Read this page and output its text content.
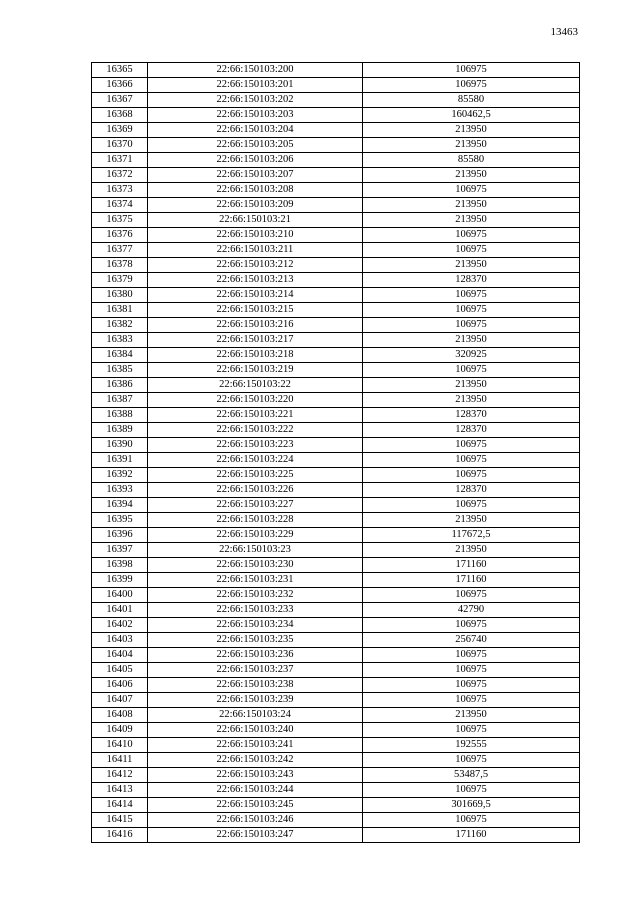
13463
16365	22:66:150103:200	106975
16366	22:66:150103:201	106975
16367	22:66:150103:202	85580
16368	22:66:150103:203	160462,5
16369	22:66:150103:204	213950
16370	22:66:150103:205	213950
16371	22:66:150103:206	85580
16372	22:66:150103:207	213950
16373	22:66:150103:208	106975
16374	22:66:150103:209	213950
16375	22:66:150103:21	213950
16376	22:66:150103:210	106975
16377	22:66:150103:211	106975
16378	22:66:150103:212	213950
16379	22:66:150103:213	128370
16380	22:66:150103:214	106975
16381	22:66:150103:215	106975
16382	22:66:150103:216	106975
16383	22:66:150103:217	213950
16384	22:66:150103:218	320925
16385	22:66:150103:219	106975
16386	22:66:150103:22	213950
16387	22:66:150103:220	213950
16388	22:66:150103:221	128370
16389	22:66:150103:222	128370
16390	22:66:150103:223	106975
16391	22:66:150103:224	106975
16392	22:66:150103:225	106975
16393	22:66:150103:226	128370
16394	22:66:150103:227	106975
16395	22:66:150103:228	213950
16396	22:66:150103:229	117672,5
16397	22:66:150103:23	213950
16398	22:66:150103:230	171160
16399	22:66:150103:231	171160
16400	22:66:150103:232	106975
16401	22:66:150103:233	42790
16402	22:66:150103:234	106975
16403	22:66:150103:235	256740
16404	22:66:150103:236	106975
16405	22:66:150103:237	106975
16406	22:66:150103:238	106975
16407	22:66:150103:239	106975
16408	22:66:150103:24	213950
16409	22:66:150103:240	106975
16410	22:66:150103:241	192555
16411	22:66:150103:242	106975
16412	22:66:150103:243	53487,5
16413	22:66:150103:244	106975
16414	22:66:150103:245	301669,5
16415	22:66:150103:246	106975
16416	22:66:150103:247	171160
